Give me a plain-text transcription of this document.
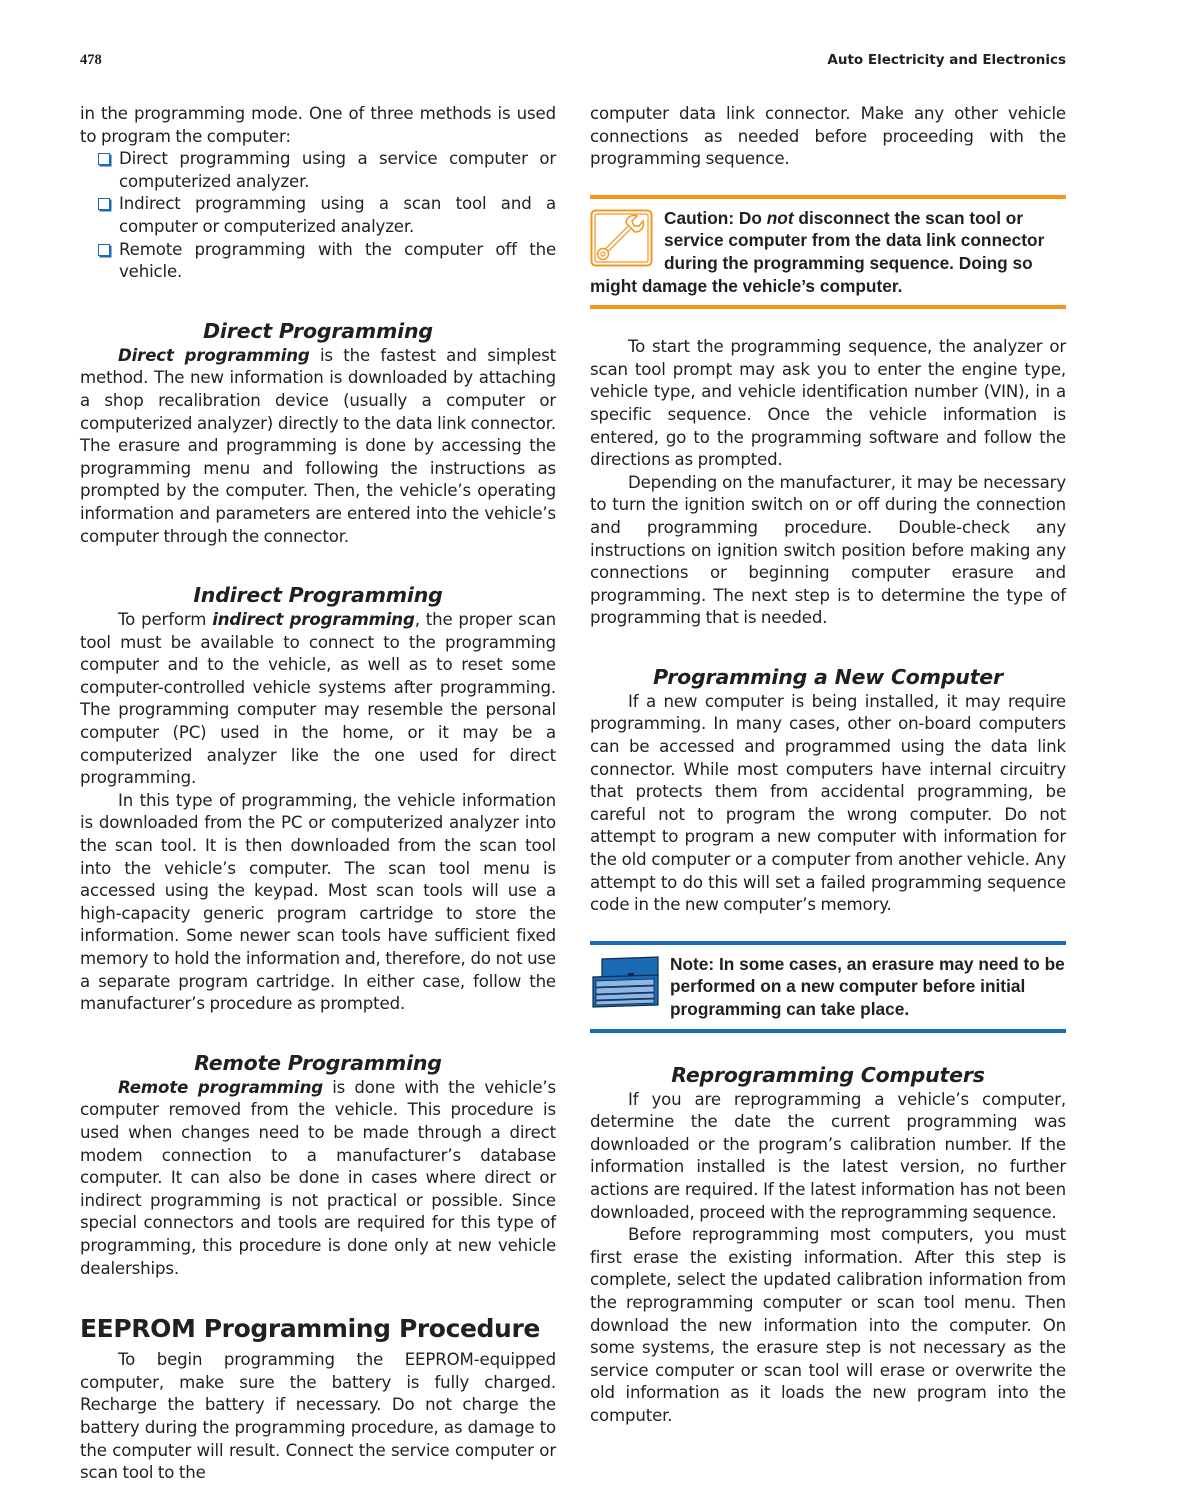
478	Auto Electricity and Electronics

in the programming mode. One of three methods is used to program the computer:

Direct programming using a service computer or computerized analyzer.
Indirect programming using a scan tool and a computer or computerized analyzer.
Remote programming with the computer off the vehicle.
Direct Programming

Direct programming is the fastest and simplest method. The new information is downloaded by attaching a shop recalibration device (usually a computer or computerized analyzer) directly to the data link connector. The erasure and programming is done by accessing the programming menu and following the instructions as prompted by the computer. Then, the vehicle’s operating information and parameters are entered into the vehicle’s computer through the connector.

Indirect Programming

To perform indirect programming, the proper scan tool must be available to connect to the programming computer and to the vehicle, as well as to reset some computer-controlled vehicle systems after programming. The programming computer may resemble the personal computer (PC) used in the home, or it may be a computerized analyzer like the one used for direct programming.

In this type of programming, the vehicle information is downloaded from the PC or computerized analyzer into the scan tool. It is then downloaded from the scan tool into the vehicle’s computer. The scan tool menu is accessed using the keypad. Most scan tools will use a high-capacity generic program cartridge to store the information. Some newer scan tools have sufficient fixed memory to hold the information and, therefore, do not use a separate program cartridge. In either case, follow the manufacturer’s procedure as prompted.

Remote Programming

Remote programming is done with the vehicle’s computer removed from the vehicle. This procedure is used when changes need to be made through a direct modem connection to a manufacturer’s database computer. It can also be done in cases where direct or indirect programming is not practical or possible. Since special connectors and tools are required for this type of programming, this procedure is done only at new vehicle dealerships.

EEPROM Programming Procedure

To begin programming the EEPROM-equipped computer, make sure the battery is fully charged. Recharge the battery if necessary. Do not charge the battery during the programming procedure, as damage to the computer will result. Connect the service computer or scan tool to the

computer data link connector. Make any other vehicle connections as needed before proceeding with the programming sequence.

Caution: Do not disconnect the scan tool or service computer from the data link connector during the programming sequence. Doing so might damage the vehicle’s computer.

To start the programming sequence, the analyzer or scan tool prompt may ask you to enter the engine type, vehicle type, and vehicle identification number (VIN), in a specific sequence. Once the vehicle information is entered, go to the programming software and follow the directions as prompted.

Depending on the manufacturer, it may be necessary to turn the ignition switch on or off during the connection and programming procedure. Double-check any instructions on ignition switch position before making any connections or beginning computer erasure and programming. The next step is to determine the type of programming that is needed.

Programming a New Computer

If a new computer is being installed, it may require programming. In many cases, other on-board computers can be accessed and programmed using the data link connector. While most computers have internal circuitry that protects them from accidental programming, be careful not to program the wrong computer. Do not attempt to program a new computer with information for the old computer or a computer from another vehicle. Any attempt to do this will set a failed programming sequence code in the new computer’s memory.

Note: In some cases, an erasure may need to be performed on a new computer before initial programming can take place.
Reprogramming Computers

If you are reprogramming a vehicle’s computer, determine the date the current programming was downloaded or the program’s calibration number. If the information installed is the latest version, no further actions are required. If the latest information has not been downloaded, proceed with the reprogramming sequence.

Before reprogramming most computers, you must first erase the existing information. After this step is complete, select the updated calibration information from the reprogramming computer or scan tool menu. Then download the new information into the computer. On some systems, the erasure step is not necessary as the service computer or scan tool will erase or overwrite the old information as it loads the new program into the computer.
